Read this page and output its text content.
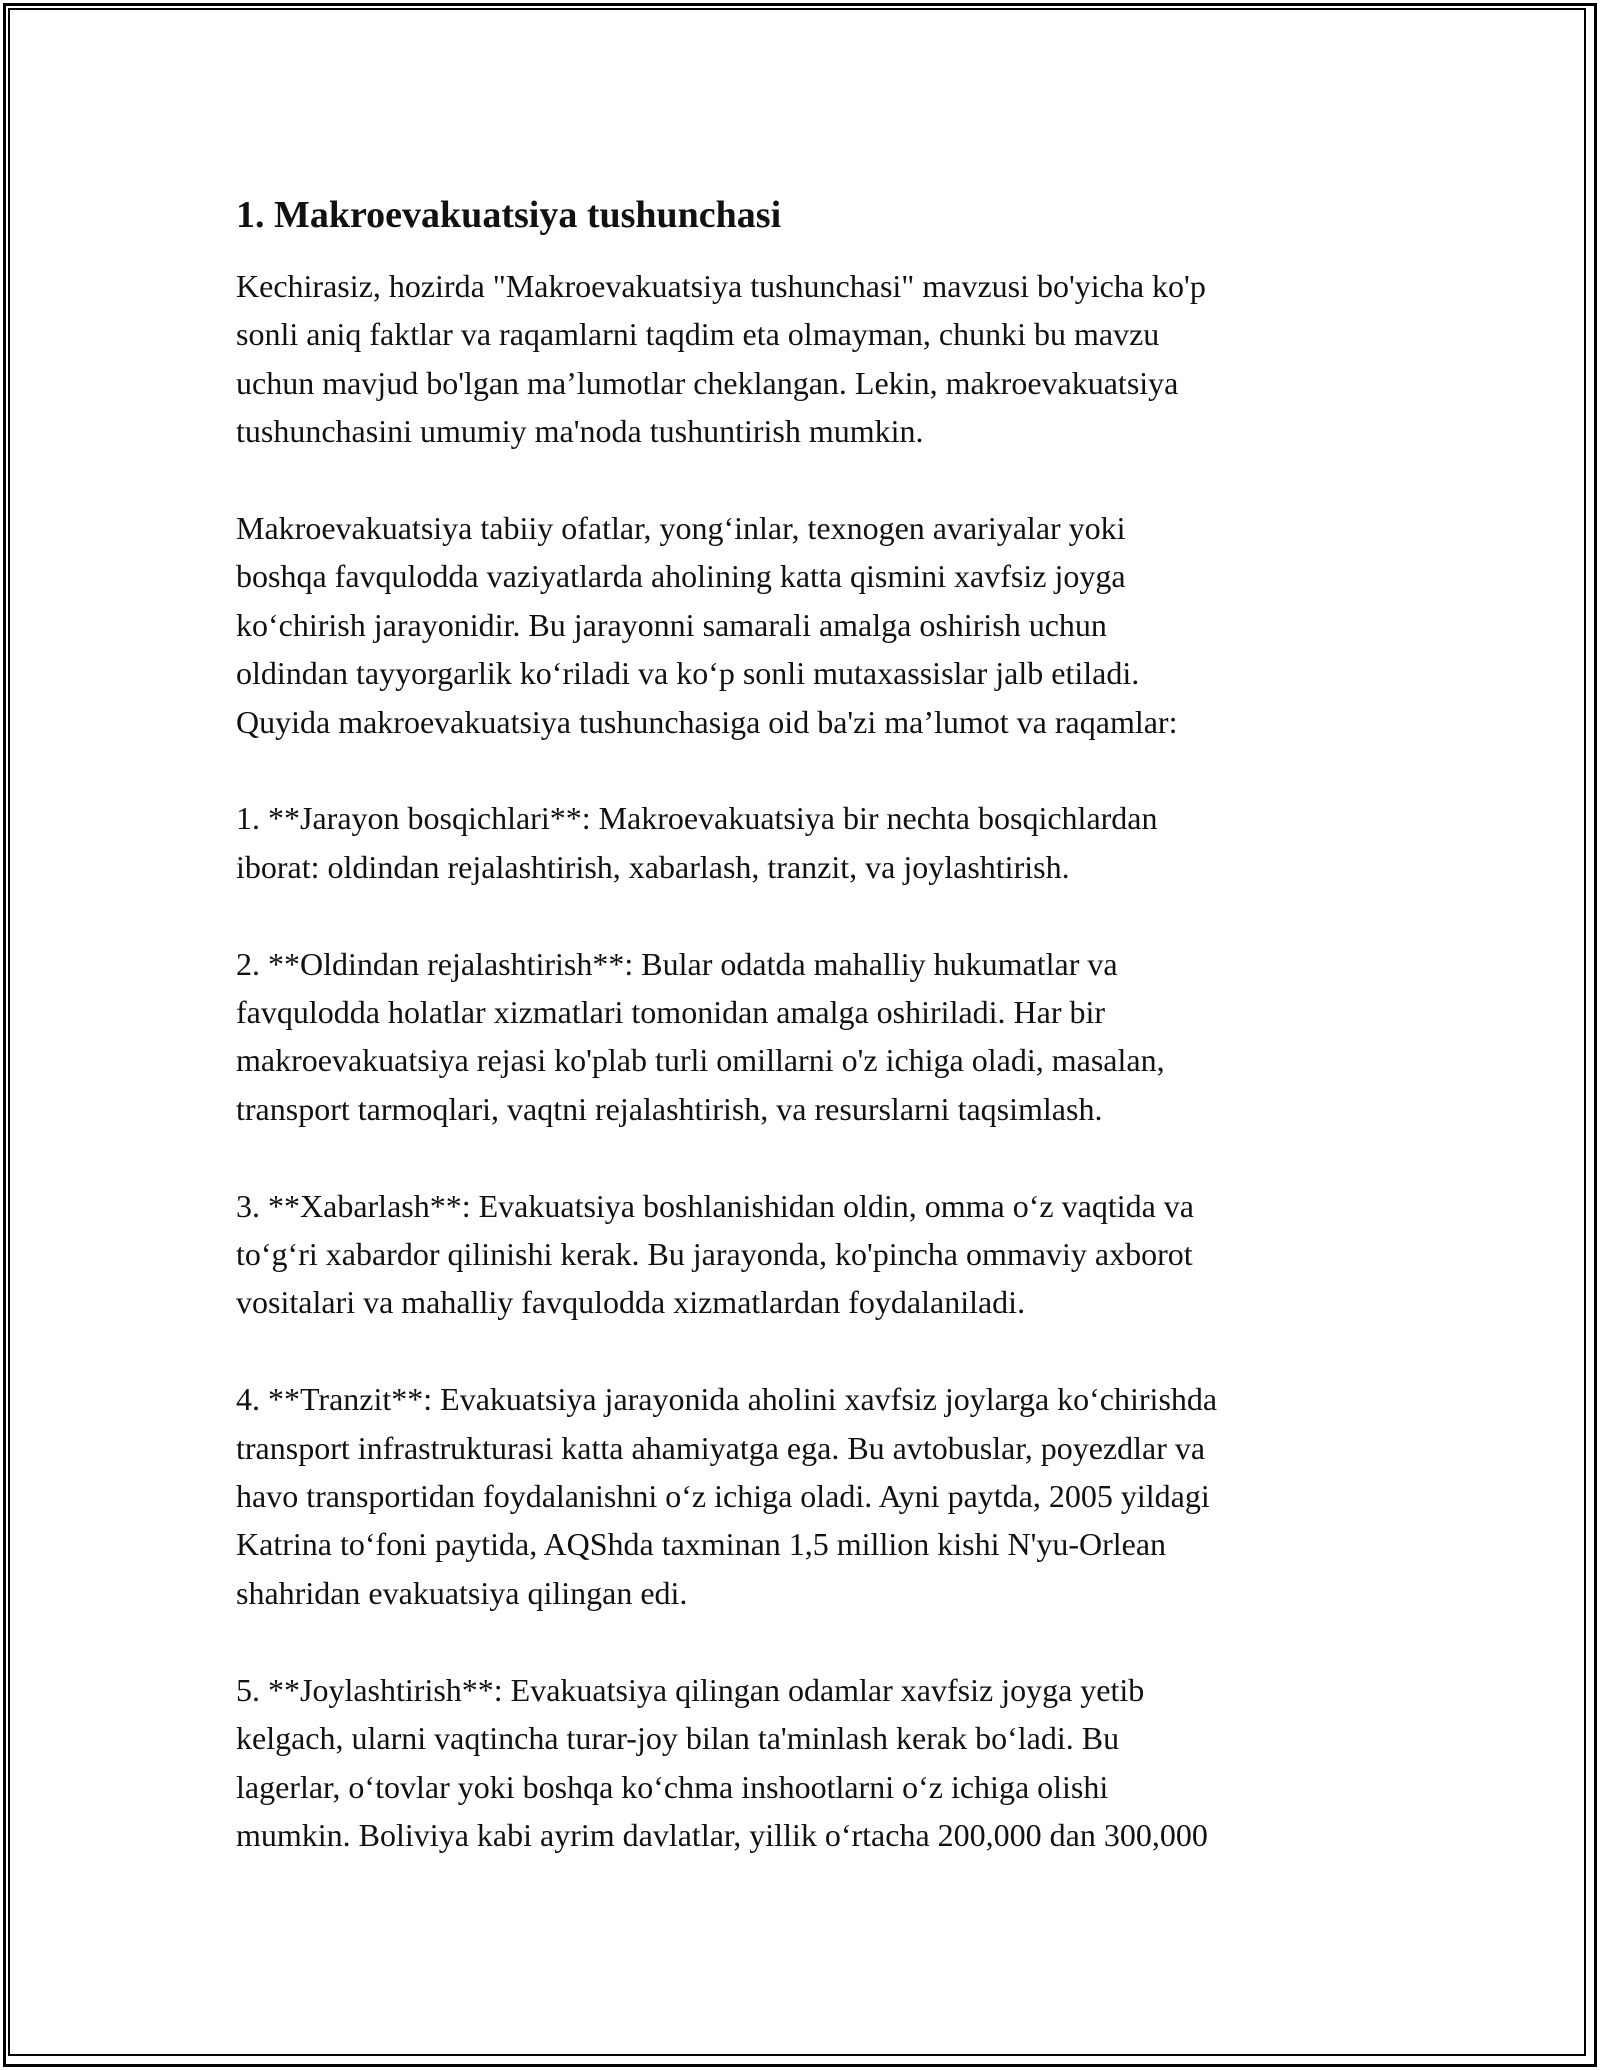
1. Makroevakuatsiya tushunchasi
Kechirasiz, hozirda "Makroevakuatsiya tushunchasi" mavzusi bo'yicha ko'p
sonli aniq faktlar va raqamlarni taqdim eta olmayman, chunki bu mavzu
uchun mavjud bo'lgan ma’lumotlar cheklangan. Lekin, makroevakuatsiya
tushunchasini umumiy ma'noda tushuntirish mumkin.
Makroevakuatsiya tabiiy ofatlar, yong‘inlar, texnogen avariyalar yoki
boshqa favqulodda vaziyatlarda aholining katta qismini xavfsiz joyga
ko‘chirish jarayonidir. Bu jarayonni samarali amalga oshirish uchun
oldindan tayyorgarlik ko‘riladi va ko‘p sonli mutaxassislar jalb etiladi.
Quyida makroevakuatsiya tushunchasiga oid ba'zi ma’lumot va raqamlar:
1. **Jarayon bosqichlari**: Makroevakuatsiya bir nechta bosqichlardan
iborat: oldindan rejalashtirish, xabarlash, tranzit, va joylashtirish.
2. **Oldindan rejalashtirish**: Bular odatda mahalliy hukumatlar va
favqulodda holatlar xizmatlari tomonidan amalga oshiriladi. Har bir
makroevakuatsiya rejasi ko'plab turli omillarni o'z ichiga oladi, masalan,
transport tarmoqlari, vaqtni rejalashtirish, va resurslarni taqsimlash.
3. **Xabarlash**: Evakuatsiya boshlanishidan oldin, omma o‘z vaqtida va
to‘g‘ri xabardor qilinishi kerak. Bu jarayonda, ko'pincha ommaviy axborot
vositalari va mahalliy favqulodda xizmatlardan foydalaniladi.
4. **Tranzit**: Evakuatsiya jarayonida aholini xavfsiz joylarga ko‘chirishda
transport infrastrukturasi katta ahamiyatga ega. Bu avtobuslar, poyezdlar va
havo transportidan foydalanishni o‘z ichiga oladi. Ayni paytda, 2005 yildagi
Katrina to‘foni paytida, AQShda taxminan 1,5 million kishi N'yu-Orlean
shahridan evakuatsiya qilingan edi.
5. **Joylashtirish**: Evakuatsiya qilingan odamlar xavfsiz joyga yetib
kelgach, ularni vaqtincha turar-joy bilan ta'minlash kerak bo‘ladi. Bu
lagerlar, o‘tovlar yoki boshqa ko‘chma inshootlarni o‘z ichiga olishi
mumkin. Boliviya kabi ayrim davlatlar, yillik o‘rtacha 200,000 dan 300,000
